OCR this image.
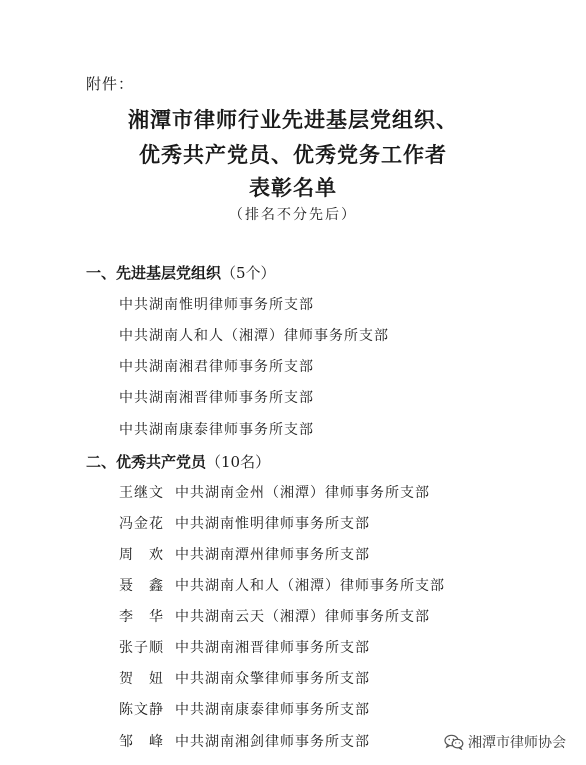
附件：
湘潭市律师行业先进基层党组织、
优秀共产党员、优秀党务工作者
表彰名单
（排名不分先后）
一、先进基层党组织（5个）
中共湖南惟明律师事务所支部
中共湖南人和人（湘潭）律师事务所支部
中共湖南湘君律师事务所支部
中共湖南湘晋律师事务所支部
中共湖南康泰律师事务所支部
二、优秀共产党员（10名）
王继文 中共湖南金州（湘潭）律师事务所支部
冯金花 中共湖南惟明律师事务所支部
周　欢 中共湖南潭州律师事务所支部
聂　鑫 中共湖南人和人（湘潭）律师事务所支部
李　华 中共湖南云天（湘潭）律师事务所支部
张子顺 中共湖南湘晋律师事务所支部
贺　妞 中共湖南众擎律师事务所支部
陈文静 中共湖南康泰律师事务所支部
邹　峰 中共湖南湘剑律师事务所支部	湘潭市律师协会
